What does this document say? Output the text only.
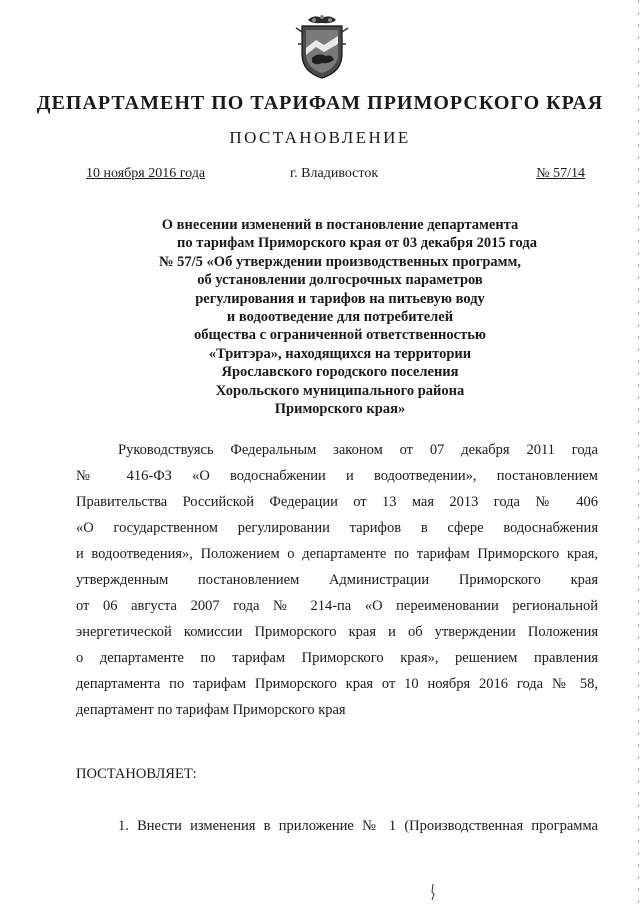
ДЕПАРТАМЕНТ ПО ТАРИФАМ ПРИМОРСКОГО КРАЯ
ПОСТАНОВЛЕНИЕ
10 ноября 2016 года	г. Владивосток	№ 57/14
О внесении изменений в постановление департамента
по тарифам Приморского края от 03 декабря 2015 года
№ 57/5 «Об утверждении производственных программ,
об установлении долгосрочных параметров
регулирования и тарифов на питьевую воду
и водоотведение для потребителей
общества с ограниченной ответственностью
«Тритэра», находящихся на территории
Ярославского городского поселения
Хорольского муниципального района
Приморского края»
Руководствуясь Федеральным законом от 07 декабря 2011 года
№ 416-ФЗ «О водоснабжении и водоотведении», постановлением
Правительства Российской Федерации от 13 мая 2013 года № 406
«О государственном регулировании тарифов в сфере водоснабжения
и водоотведения», Положением о департаменте по тарифам Приморского края,
утвержденным постановлением Администрации Приморского края
от 06 августа 2007 года № 214-па «О переименовании региональной
энергетической комиссии Приморского края и об утверждении Положения
о департаменте по тарифам Приморского края», решением правления
департамента по тарифам Приморского края от 10 ноября 2016 года № 58,
департамент по тарифам Приморского края
ПОСТАНОВЛЯЕТ:
1. Внести изменения в приложение № 1 (Производственная программа
